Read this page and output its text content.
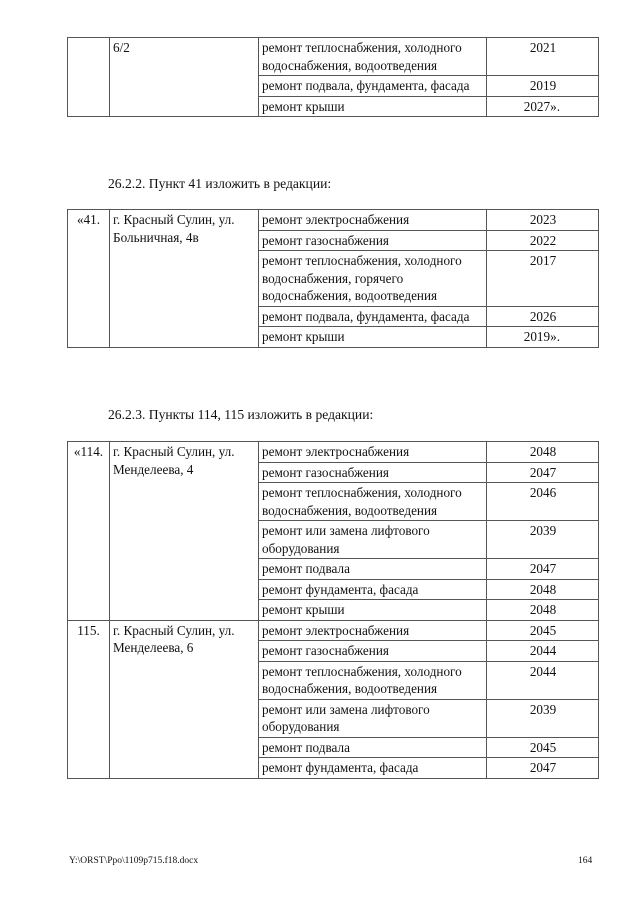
	6/2	ремонт теплоснабжения, холодного водоснабжения, водоотведения	2021
		ремонт подвала, фундамента, фасада	2019
		ремонт крыши	2027».

26.2.2. Пункт 41 изложить в редакции:

«41.	г. Красный Сулин, ул. Больничная, 4в	ремонт электроснабжения	2023
		ремонт газоснабжения	2022
		ремонт теплоснабжения, холодного водоснабжения, горячего водоснабжения, водоотведения	2017
		ремонт подвала, фундамента, фасада	2026
		ремонт крыши	2019».

26.2.3. Пункты 114, 115 изложить в редакции:

«114.	г. Красный Сулин, ул. Менделеева, 4	ремонт электроснабжения	2048
		ремонт газоснабжения	2047
		ремонт теплоснабжения, холодного водоснабжения, водоотведения	2046
		ремонт или замена лифтового оборудования	2039
		ремонт подвала	2047
		ремонт фундамента, фасада	2048
		ремонт крыши	2048
115.	г. Красный Сулин, ул. Менделеева, 6	ремонт электроснабжения	2045
		ремонт газоснабжения	2044
		ремонт теплоснабжения, холодного водоснабжения, водоотведения	2044
		ремонт или замена лифтового оборудования	2039
		ремонт подвала	2045
		ремонт фундамента, фасада	2047
Y:\ORST\Ppo\1109p715.f18.docx	164
